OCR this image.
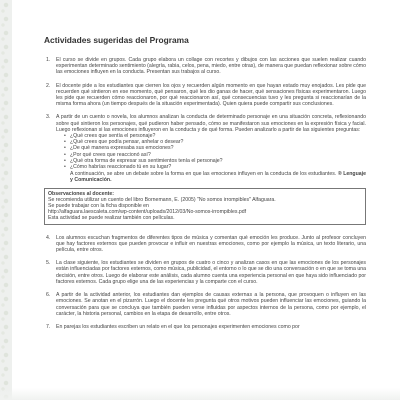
Actividades sugeridas del Programa
1.	El curso se divide en grupos. Cada grupo elabora un collage con recortes y dibujos con las acciones que suelen realizar cuando experimentan determinado sentimiento (alegría, rabia, celos, pena, miedo, entre otras), de manera que puedan reflexionar sobre cómo las emociones influyen en la conducta. Presentan sus trabajos al curso.
2.	El docente pide a los estudiantes que cierren los ojos y recuerden algún momento en que hayan estado muy enojados. Les pide que recuerden qué sintieron en ese momento, qué pensaron, qué les dio ganas de hacer, qué sensaciones físicas experimentaron. Luego les pide que recuerden cómo reaccionaron, por qué reaccionaron así, qué consecuencias tuvo y les pregunta si reaccionarían de la misma forma ahora (un tiempo después de la situación experimentada). Quien quiera puede compartir sus conclusiones.
3.	A partir de un cuento o novela, los alumnos analizan la conducta de determinado personaje en una situación concreta, reflexionando sobre qué sintieron los personajes, qué pudieron haber pensado, cómo se manifestaron sus emociones en la expresión física y facial. Luego reflexionan si las emociones influyeron en la conducta y de qué forma. Pueden analizarlo a partir de las siguientes preguntas:
• ¿Qué crees que sentía el personaje?
• ¿Qué crees que podía pensar, anhelar o desear?
• ¿De qué manera expresaba sus emociones?
• ¿Por qué crees que reaccionó así?
• ¿Qué otra forma de expresar sus sentimientos tenía el personaje?
• ¿Cómo habrías reaccionado tú en su lugar?
A continuación, se abre un debate sobre la forma en que las emociones influyen en la conducta de los estudiantes. ® Lenguaje y Comunicación.
Observaciones al docente:
Se recomienda utilizar un cuento del libro Bornemann, E. (2005) "No somos irrompibles" Alfaguara.
Se puede trabajar con la ficha disponible en
http://alfaguara.laescaleta.com/wp-content/uploads/2012/03/No-somos-irrompibles.pdf
Esta actividad se puede realizar también con películas.
4.	Los alumnos escuchan fragmentos de diferentes tipos de música y comentan qué emoción les produce. Junto al profesor concluyen que hay factores externos que pueden provocar e influir en nuestras emociones, como por ejemplo la música, un texto literario, una película, entre otros.
5.	La clase siguiente, los estudiantes se dividen en grupos de cuatro o cinco y analizan casos en que las emociones de los personajes están influenciadas por factores externos, como música, publicidad, el entorno o lo que se dio una conversación o en que se toma una decisión, entre otros. Luego de elaborar este análisis, cada alumno cuenta una experiencia personal en que haya sido influenciado por factores externos. Cada grupo elige una de las experiencias y la comparte con el curso.
6.	A partir de la actividad anterior, los estudiantes dan ejemplos de causas externas a la persona, que provoquen o influyen en las emociones. Se anotan en el pizarrón. Luego el docente les pregunta qué otros motivos pueden influenciar las emociones, guiando la conversación para que se concluya que también pueden verse influidas por aspectos internos de la persona, como por ejemplo, el carácter, la historia personal, cambios en la etapa de desarrollo, entre otros.
7.	En parejas los estudiantes escriben un relato en el que los personajes experimenten emociones como por
